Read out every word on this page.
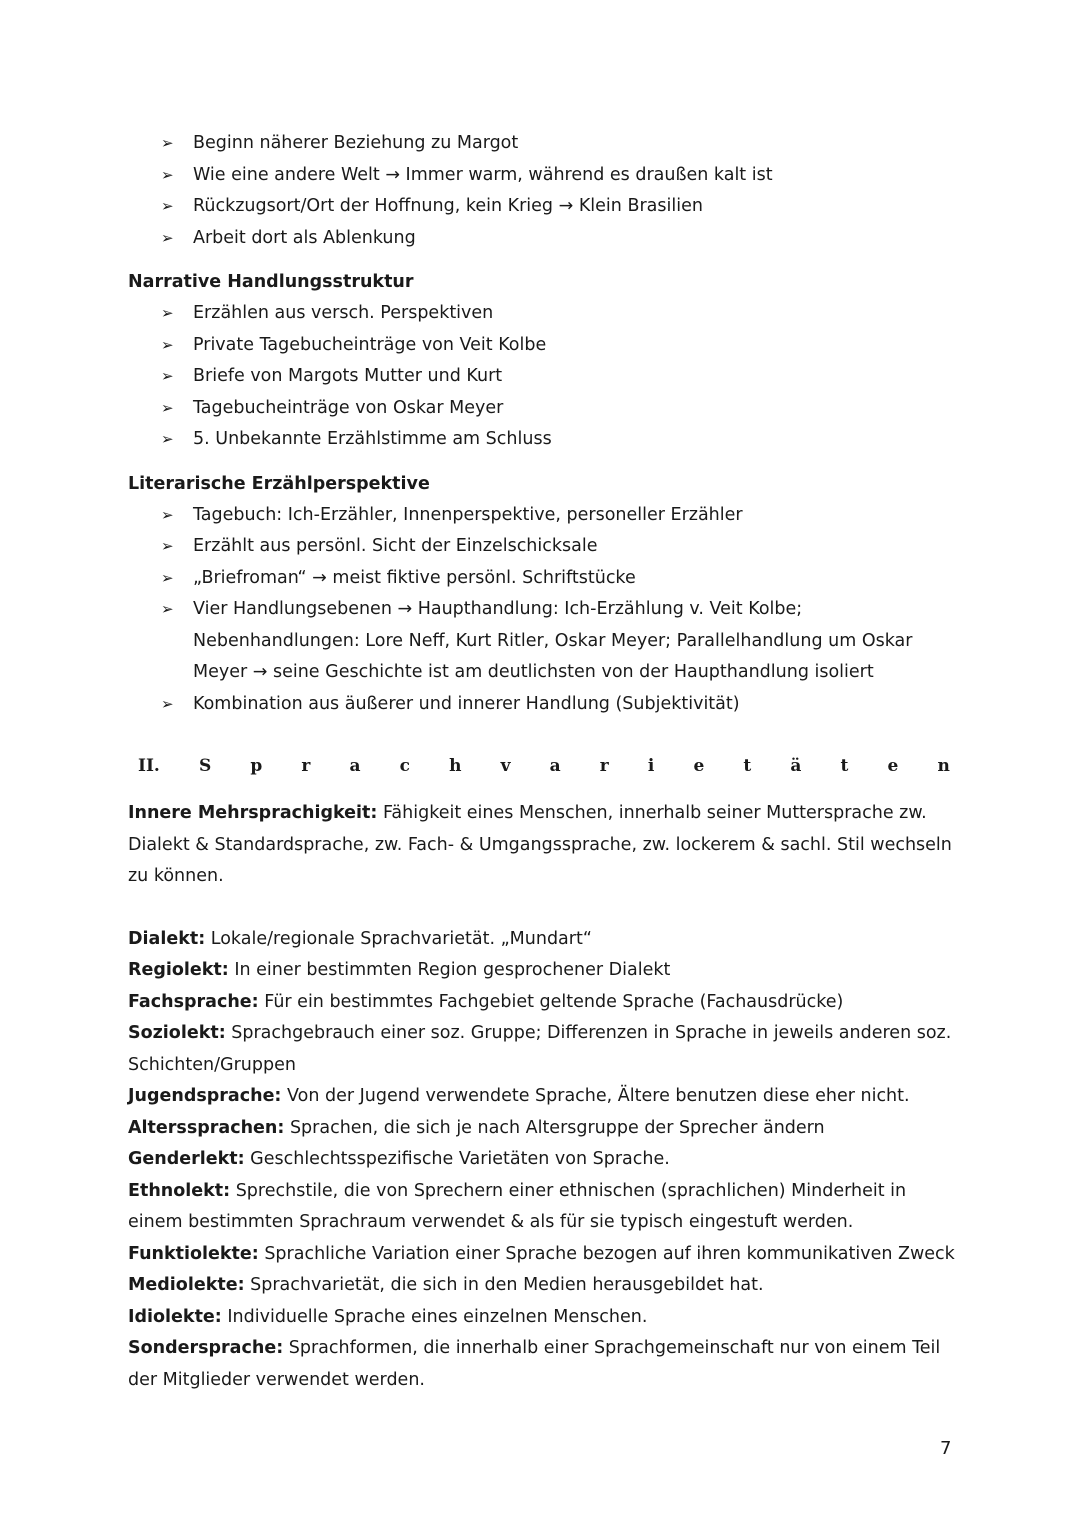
➢ Beginn näherer Beziehung zu Margot
➢ Wie eine andere Welt → Immer warm, während es draußen kalt ist
➢ Rückzugsort/Ort der Hoffnung, kein Krieg → Klein Brasilien
➢ Arbeit dort als Ablenkung
Narrative Handlungsstruktur
➢ Erzählen aus versch. Perspektiven
➢ Private Tagebucheinträge von Veit Kolbe
➢ Briefe von Margots Mutter und Kurt
➢ Tagebucheinträge von Oskar Meyer
➢ 5. Unbekannte Erzählstimme am Schluss
Literarische Erzählperspektive
➢ Tagebuch: Ich-Erzähler, Innenperspektive, personeller Erzähler
➢ Erzählt aus persönl. Sicht der Einzelschicksale
➢ „Briefroman“ → meist fiktive persönl. Schriftstücke
➢ Vier Handlungsebenen → Haupthandlung: Ich-Erzählung v. Veit Kolbe; Nebenhandlungen: Lore Neff, Kurt Ritler, Oskar Meyer; Parallelhandlung um Oskar Meyer → seine Geschichte ist am deutlichsten von der Haupthandlung isoliert
➢ Kombination aus äußerer und innerer Handlung (Subjektivität)
II. S p r a c h v a r i e t ä t e n

Innere Mehrsprachigkeit: Fähigkeit eines Menschen, innerhalb seiner Muttersprache zw. Dialekt & Standardsprache, zw. Fach- & Umgangssprache, zw. lockerem & sachl. Stil wechseln zu können.

Dialekt: Lokale/regionale Sprachvarietät. „Mundart“

Regiolekt: In einer bestimmten Region gesprochener Dialekt

Fachsprache: Für ein bestimmtes Fachgebiet geltende Sprache (Fachausdrücke)

Soziolekt: Sprachgebrauch einer soz. Gruppe; Differenzen in Sprache in jeweils anderen soz. Schichten/Gruppen

Jugendsprache: Von der Jugend verwendete Sprache, Ältere benutzen diese eher nicht.

Alterssprachen: Sprachen, die sich je nach Altersgruppe der Sprecher ändern

Genderlekt: Geschlechtsspezifische Varietäten von Sprache.

Ethnolekt: Sprechstile, die von Sprechern einer ethnischen (sprachlichen) Minderheit in einem bestimmten Sprachraum verwendet & als für sie typisch eingestuft werden.

Funktiolekte: Sprachliche Variation einer Sprache bezogen auf ihren kommunikativen Zweck

Mediolekte: Sprachvarietät, die sich in den Medien herausgebildet hat.

Idiolekte: Individuelle Sprache eines einzelnen Menschen.

Sondersprache: Sprachformen, die innerhalb einer Sprachgemeinschaft nur von einem Teil der Mitglieder verwendet werden.

7
